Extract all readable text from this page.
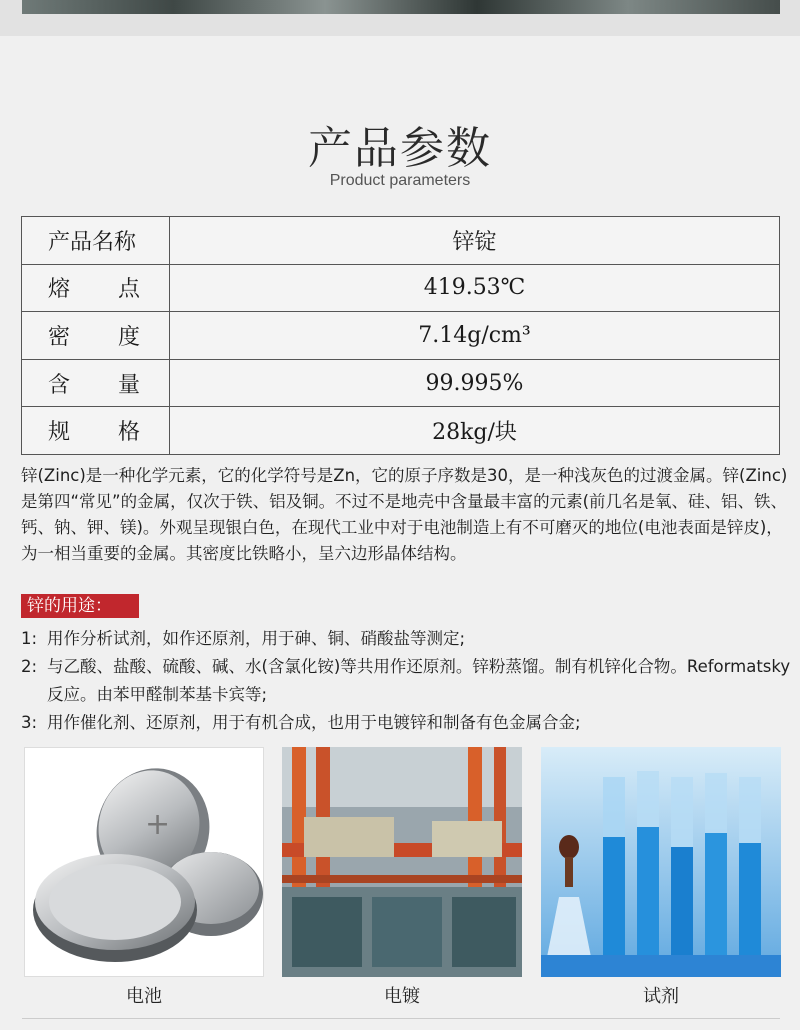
产品参数
Product parameters
产品名称	锌锭

熔 点	419.53℃

密 度	7.14g/cm³

含 量	99.995%

规 格	28kg/块
锌(Zinc)是一种化学元素，它的化学符号是Zn，它的原子序数是30，是一种浅灰色的过渡金属。锌(Zinc)是第四“常见”的金属，仅次于铁、铝及铜。不过不是地壳中含量最丰富的元素(前几名是氧、硅、铝、铁、钙、钠、钾、镁)。外观呈现银白色，在现代工业中对于电池制造上有不可磨灭的地位(电池表面是锌皮)，为一相当重要的金属。其密度比铁略小，呈六边形晶体结构。
锌的用途：
1: 用作分析试剂，如作还原剂，用于砷、铜、硝酸盐等测定;
2: 与乙酸、盐酸、硫酸、碱、水(含氯化铵)等共用作还原剂。锌粉蒸馏。制有机锌化合物。Reformatsky反应。由苯甲醛制苯基卡宾等;
3: 用作催化剂、还原剂，用于有机合成，也用于电镀锌和制备有色金属合金;
+
电池	电镀	试剂
